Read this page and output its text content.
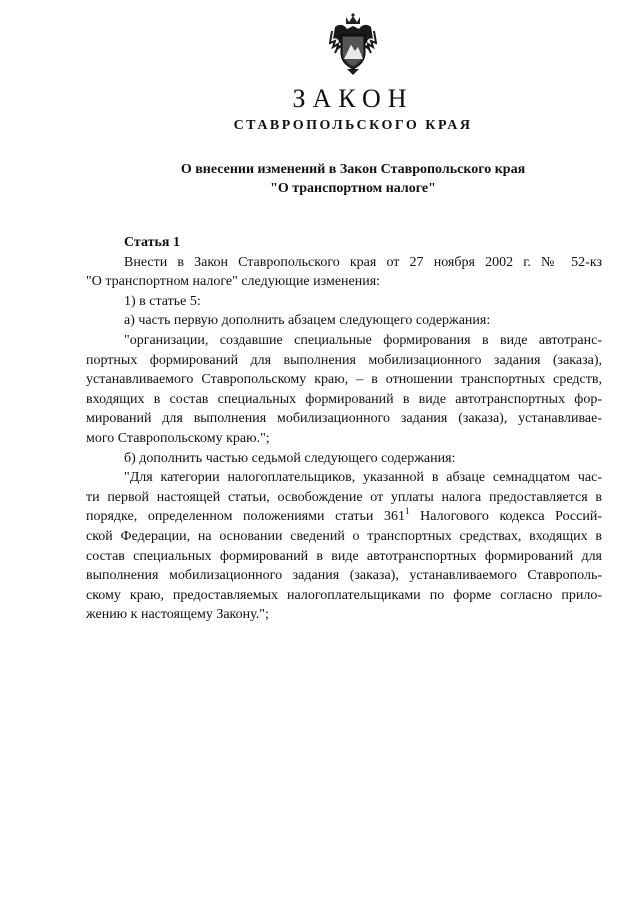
ЗАКОН
СТАВРОПОЛЬСКОГО КРАЯ
О внесении изменений в Закон Ставропольского края
"О транспортном налоге"
Статья 1
Внести в Закон Ставропольского края от 27 ноября 2002 г. № 52-кз
"О транспортном налоге" следующие изменения:
1) в статье 5:
а) часть первую дополнить абзацем следующего содержания:
"организации, создавшие специальные формирования в виде автотранс-
портных формирований для выполнения мобилизационного задания (заказа),
устанавливаемого Ставропольскому краю, – в отношении транспортных средств,
входящих в состав специальных формирований в виде автотранспортных фор-
мирований для выполнения мобилизационного задания (заказа), устанавливае-
мого Ставропольскому краю.";
б) дополнить частью седьмой следующего содержания:
"Для категории налогоплательщиков, указанной в абзаце семнадцатом час-
ти первой настоящей статьи, освобождение от уплаты налога предоставляется в
порядке, определенном положениями статьи $361^1$ Налогового кодекса Россий-
ской Федерации, на основании сведений о транспортных средствах, входящих в
состав специальных формирований в виде автотранспортных формирований для
выполнения мобилизационного задания (заказа), устанавливаемого Ставрополь-
скому краю, предоставляемых налогоплательщиками по форме согласно прило-
жению к настоящему Закону.";
